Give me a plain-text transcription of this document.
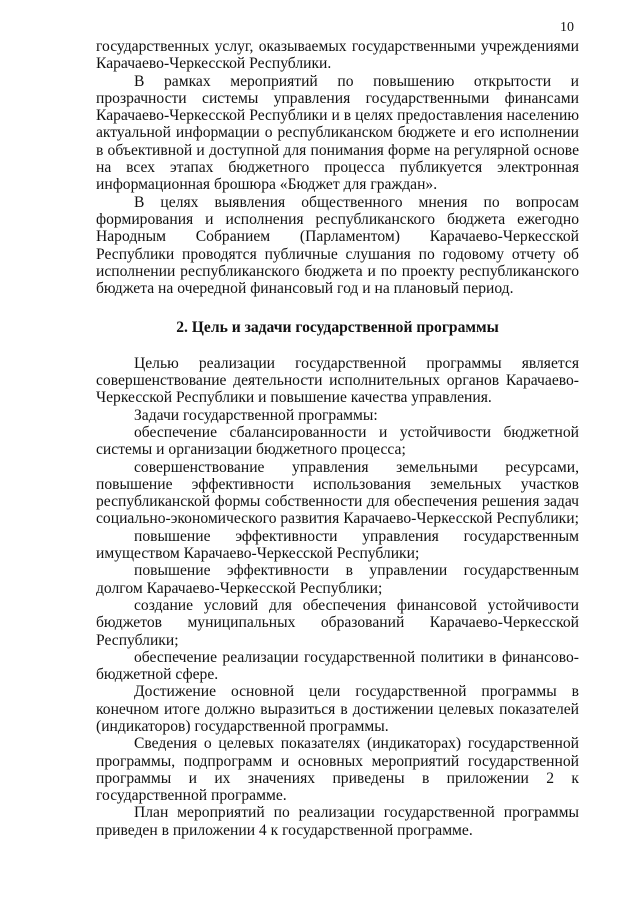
10

государственных услуг, оказываемых государственными учреждениями Карачаево-Черкесской Республики.

В рамках мероприятий по повышению открытости и прозрачности системы управления государственными финансами Карачаево-Черкесской Республики и в целях предоставления населению актуальной информации о республиканском бюджете и его исполнении в объективной и доступной для понимания форме на регулярной основе на всех этапах бюджетного процесса публикуется электронная информационная брошюра «Бюджет для граждан».

В целях выявления общественного мнения по вопросам формирования и исполнения республиканского бюджета ежегодно Народным Собранием (Парламентом) Карачаево-Черкесской Республики проводятся публичные слушания по годовому отчету об исполнении республиканского бюджета и по проекту республиканского бюджета на очередной финансовый год и на плановый период.

2. Цель и задачи государственной программы

Целью реализации государственной программы является совершенствование деятельности исполнительных органов Карачаево-Черкесской Республики и повышение качества управления.

Задачи государственной программы:

обеспечение сбалансированности и устойчивости бюджетной системы и организации бюджетного процесса;

совершенствование управления земельными ресурсами, повышение эффективности использования земельных участков республиканской формы собственности для обеспечения решения задач социально-экономического развития Карачаево-Черкесской Республики;

повышение эффективности управления государственным имуществом Карачаево-Черкесской Республики;

повышение эффективности в управлении государственным долгом Карачаево-Черкесской Республики;

создание условий для обеспечения финансовой устойчивости бюджетов муниципальных образований Карачаево-Черкесской Республики;

обеспечение реализации государственной политики в финансово-бюджетной сфере.

Достижение основной цели государственной программы в конечном итоге должно выразиться в достижении целевых показателей (индикаторов) государственной программы.

Сведения о целевых показателях (индикаторах) государственной программы, подпрограмм и основных мероприятий государственной программы и их значениях приведены в приложении 2 к государственной программе.

План мероприятий по реализации государственной программы приведен в приложении 4 к государственной программе.
